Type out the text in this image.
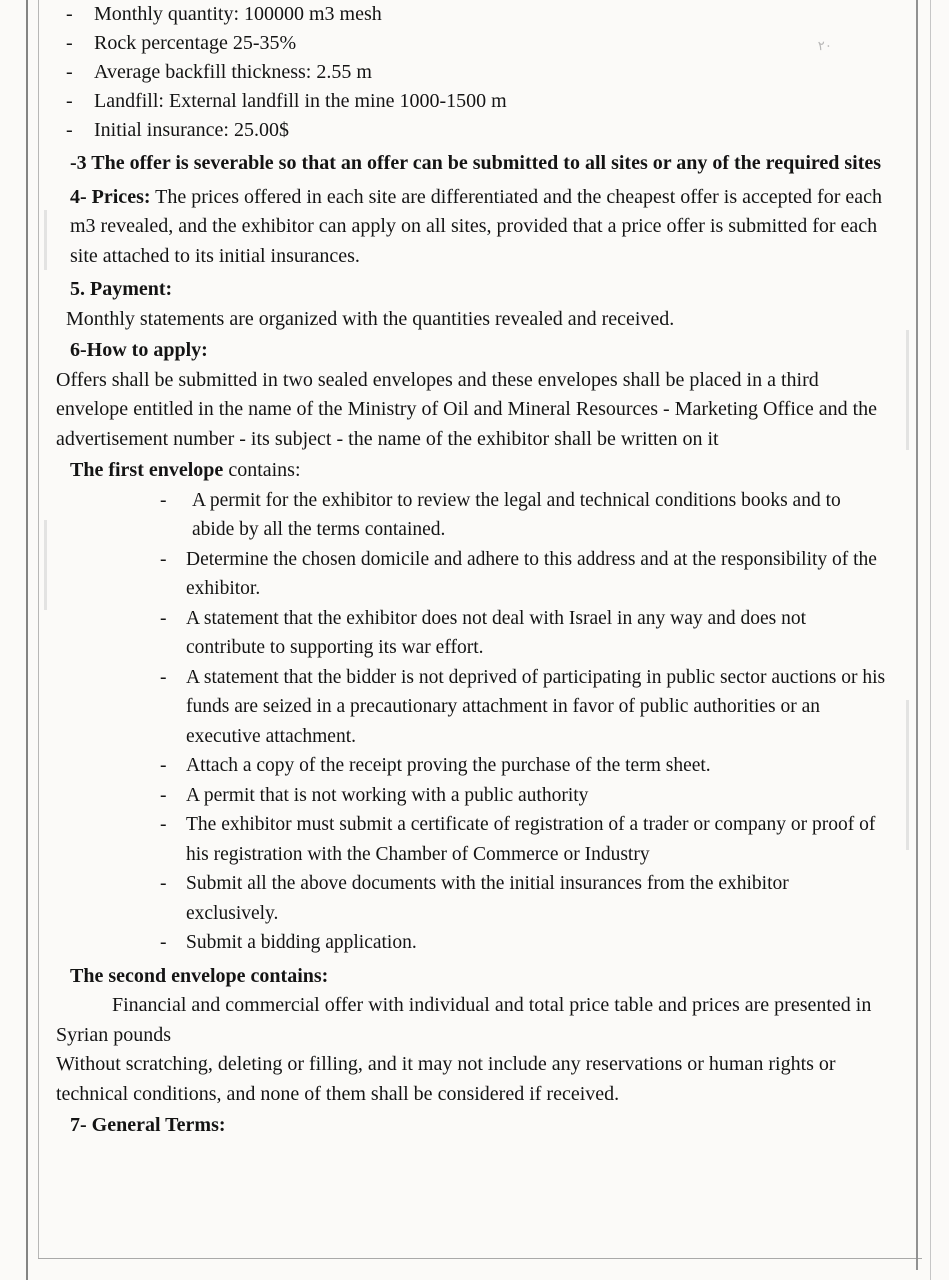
۲۰
- Monthly quantity: 100000 m3 mesh
- Rock percentage 25-35%
- Average backfill thickness: 2.55 m
- Landfill: External landfill in the mine 1000-1500 m
- Initial insurance: 25.00$

-3 The offer is severable so that an offer can be submitted to all sites or any of the required sites

4- Prices: The prices offered in each site are differentiated and the cheapest offer is accepted for each m3 revealed, and the exhibitor can apply on all sites, provided that a price offer is submitted for each site attached to its initial insurances.

5. Payment:

Monthly statements are organized with the quantities revealed and received.

6-How to apply:

Offers shall be submitted in two sealed envelopes and these envelopes shall be placed in a third envelope entitled in the name of the Ministry of Oil and Mineral Resources - Marketing Office and the advertisement number - its subject - the name of the exhibitor shall be written on it

The first envelope contains:

- A permit for the exhibitor to review the legal and technical conditions books and to abide by all the terms contained.
- Determine the chosen domicile and adhere to this address and at the responsibility of the exhibitor.
- A statement that the exhibitor does not deal with Israel in any way and does not contribute to supporting its war effort.
- A statement that the bidder is not deprived of participating in public sector auctions or his funds are seized in a precautionary attachment in favor of public authorities or an executive attachment.
- Attach a copy of the receipt proving the purchase of the term sheet.
- A permit that is not working with a public authority
- The exhibitor must submit a certificate of registration of a trader or company or proof of his registration with the Chamber of Commerce or Industry
- Submit all the above documents with the initial insurances from the exhibitor exclusively.
- Submit a bidding application.

The second envelope contains:

Financial and commercial offer with individual and total price table and prices are presented in Syrian pounds

Without scratching, deleting or filling, and it may not include any reservations or human rights or technical conditions, and none of them shall be considered if received.

7- General Terms:
